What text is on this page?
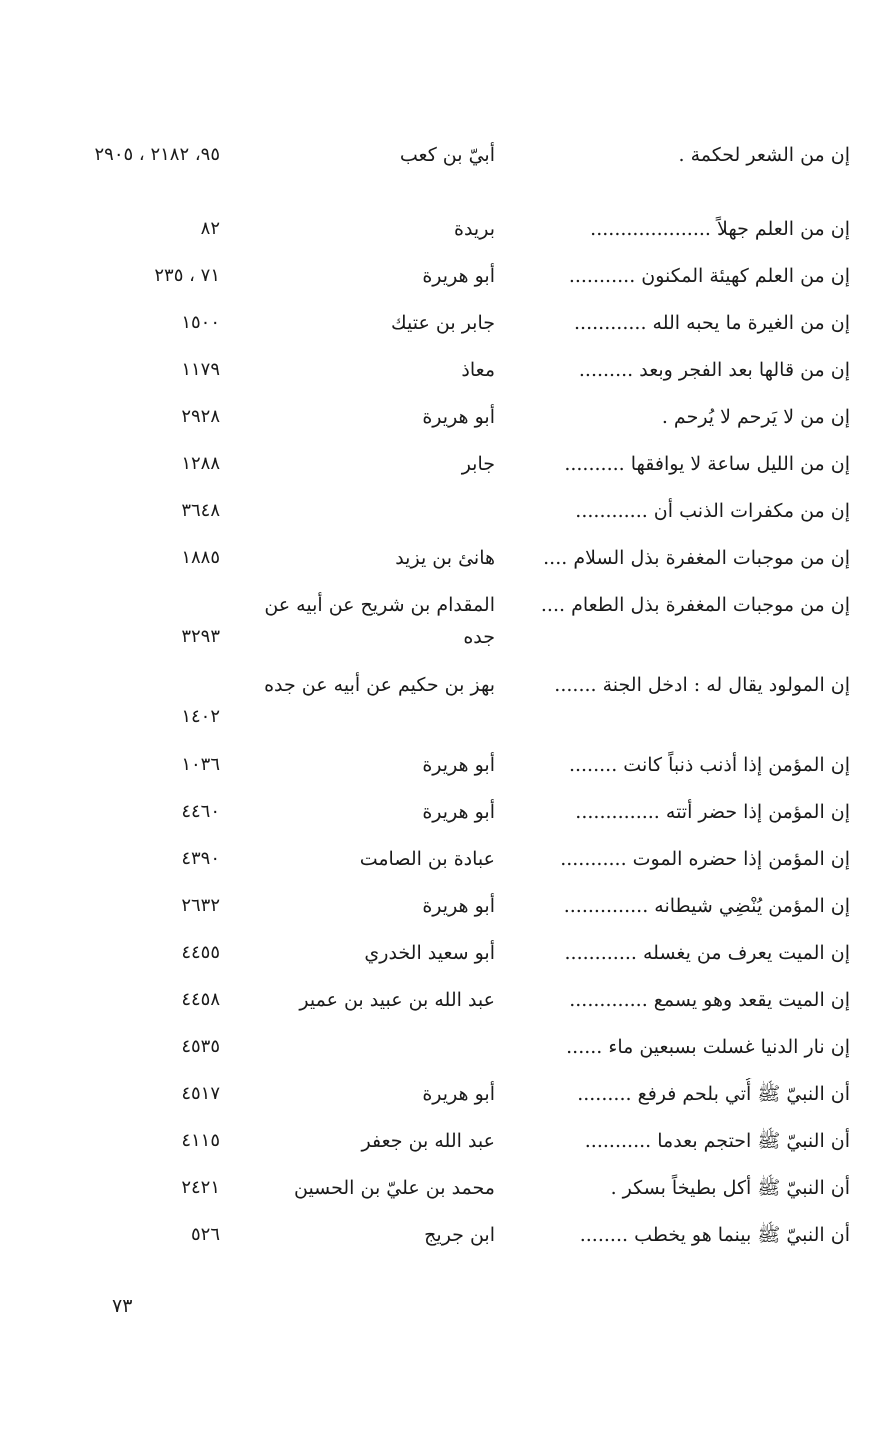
إن من الشعر لحكمة .
أبيّ بن كعب
٩٥، ٢١٨٢ ، ٢٩٠٥
إن من العلم جهلاً ....................
بريدة
٨٢
إن من العلم كهيئة المكنون ...........
أبو هريرة
٧١ ، ٢٣٥
إن من الغيرة ما يحبه الله ............
جابر بن عتيك
١٥٠٠
إن من قالها بعد الفجر وبعد .........
معاذ
١١٧٩
إن من لا يَرحم لا يُرحم .
أبو هريرة
٢٩٢٨
إن من الليل ساعة لا يوافقها ..........
جابر
١٢٨٨
إن من مكفرات الذنب أن ............
٣٦٤٨
إن من موجبات المغفرة بذل السلام ....
هانئ بن يزيد
١٨٨٥
إن من موجبات المغفرة بذل الطعام ....
المقدام بن شريح عن أبيه عن جده
٣٢٩٣
إن المولود يقال له : ادخل الجنة .......
بهز بن حكيم عن أبيه عن جده
١٤٠٢
إن المؤمن إذا أذنب ذنباً كانت ........
أبو هريرة
١٠٣٦
إن المؤمن إذا حضر أتته ..............
أبو هريرة
٤٤٦٠
إن المؤمن إذا حضره الموت ...........
عبادة بن الصامت
٤٣٩٠
إن المؤمن يُنْضِي شيطانه ..............
أبو هريرة
٢٦٣٢
إن الميت يعرف من يغسله ............
أبو سعيد الخدري
٤٤٥٥
إن الميت يقعد وهو يسمع .............
عبد الله بن عبيد بن عمير
٤٤٥٨
إن نار الدنيا غسلت بسبعين ماء ......
٤٥٣٥
أن النبيّ ﷺ أُتي بلحم فرفع .........
أبو هريرة
٤٥١٧
أن النبيّ ﷺ احتجم بعدما ...........
عبد الله بن جعفر
٤١١٥
أن النبيّ ﷺ أكل بطيخاً بسكر .
محمد بن عليّ بن الحسين
٢٤٢١
أن النبيّ ﷺ بينما هو يخطب ........
ابن جريج
٥٢٦
٧٣
